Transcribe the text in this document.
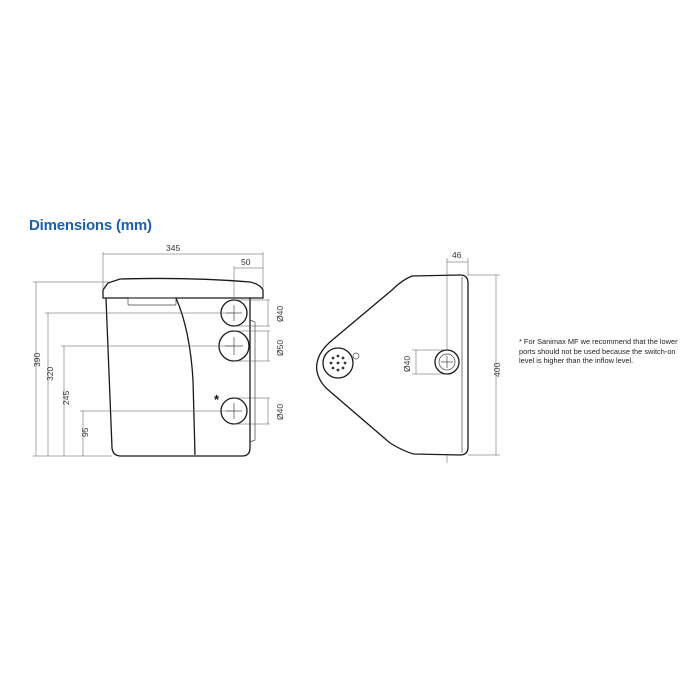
Dimensions (mm)
*
345
50
Ø40
Ø50
Ø40
390
320
245
95
46
Ø40	400
* For Sanimax MF we recommend that the lower ports should not be used because the switch-on level is higher than the inflow level.
